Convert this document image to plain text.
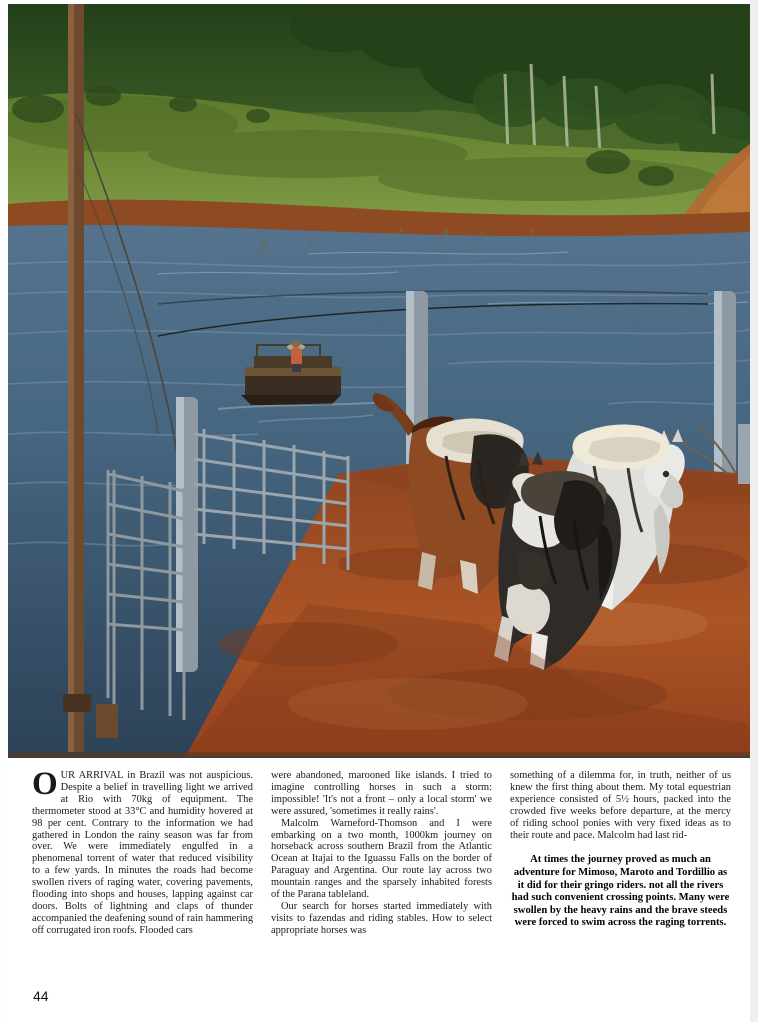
OUR ARRIVAL in Brazil was not auspicious. Despite a belief in travelling light we arrived at Rio with 70kg of equipment. The thermometer stood at 33°C and humidity hovered at 98 per cent. Contrary to the information we had gathered in London the rainy season was far from over. We were immediately engulfed in a phenomenal torrent of water that reduced visibility to a few yards. In minutes the roads had become swollen rivers of raging water, covering pavements, flooding into shops and houses, lapping against car doors. Bolts of lightning and claps of thunder accompanied the deafening sound of rain hammering off corrugated iron roofs. Flooded cars

were abandoned, marooned like islands. I tried to imagine controlling horses in such a storm: impossible! 'It's not a front – only a local storm' we were assured, 'sometimes it really rains'.

Malcolm Warneford-Thomson and I were embarking on a two month, 1000km journey on horseback across southern Brazil from the Atlantic Ocean at Itajai to the Iguassu Falls on the border of Paraguay and Argentina. Our route lay across two mountain ranges and the sparsely inhabited forests of the Parana tableland.

Our search for horses started immediately with visits to fazendas and riding stables. How to select appropriate horses was

something of a dilemma for, in truth, neither of us knew the first thing about them. My total equestrian experience consisted of 5½ hours, packed into the crowded five weeks before departure, at the mercy of riding school ponies with very fixed ideas as to their route and pace. Malcolm had last rid-

At times the journey proved as much an adventure for Mimoso, Maroto and Tordillio as it did for their gringo riders. not all the rivers had such convenient crossing points. Many were swollen by the heavy rains and the brave steeds were forced to swim across the raging torrents.
44
